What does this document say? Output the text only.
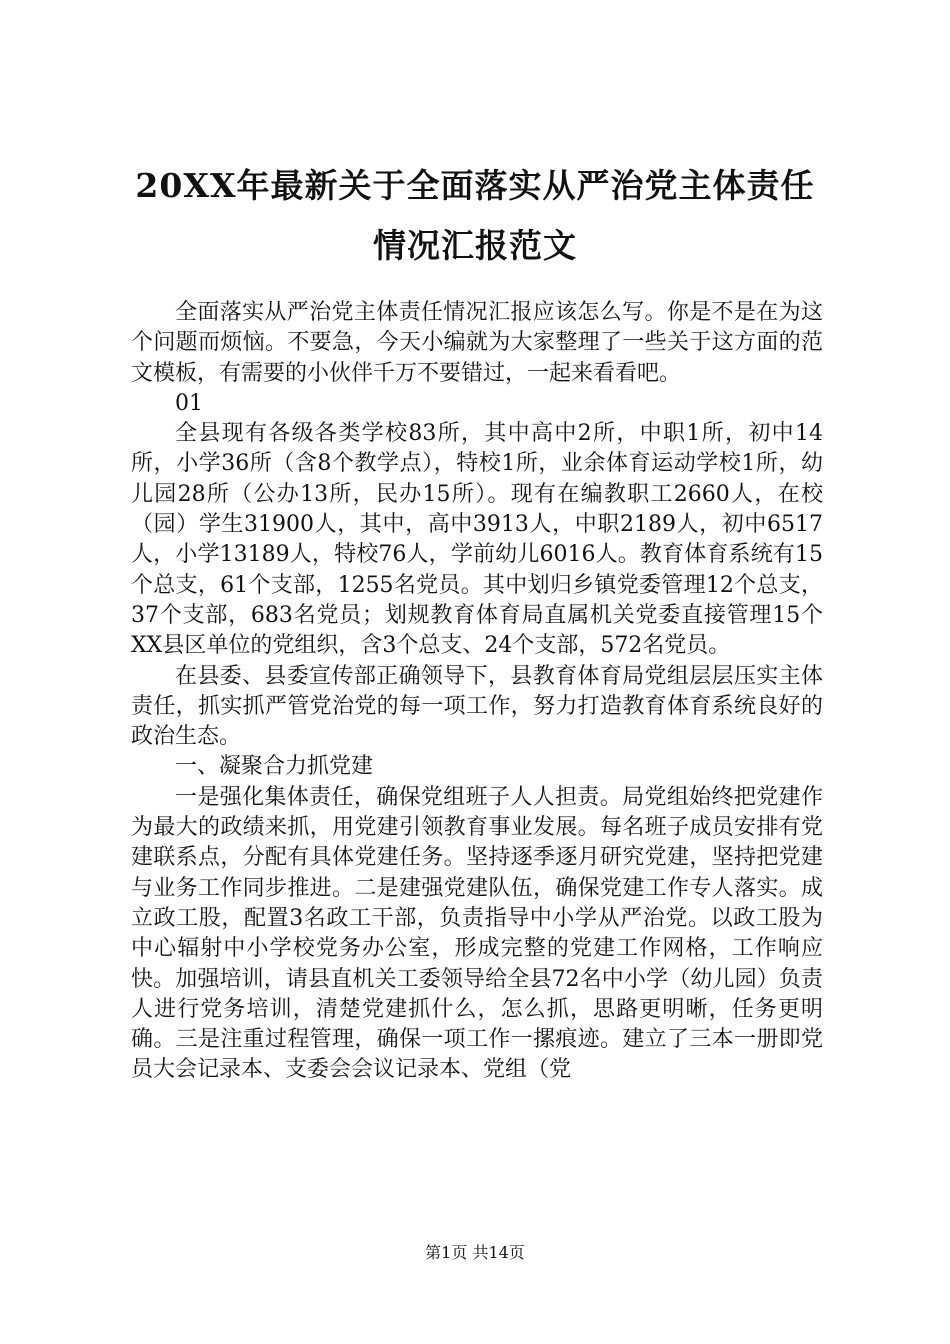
20XX年最新关于全面落实从严治党主体责任
情况汇报范文

全面落实从严治党主体责任情况汇报应该怎么写。你是不是在为这个问题而烦恼。不要急，今天小编就为大家整理了一些关于这方面的范文模板，有需要的小伙伴千万不要错过，一起来看看吧。

01

全县现有各级各类学校83所，其中高中2所，中职1所，初中14所，小学36所（含8个教学点），特校1所，业余体育运动学校1所，幼儿园28所（公办13所，民办15所）。现有在编教职工2660人，在校（园）学生31900人，其中，高中3913人，中职2189人，初中6517人，小学13189人，特校76人，学前幼儿6016人。教育体育系统有15个总支，61个支部，1255名党员。其中划归乡镇党委管理12个总支，37个支部，683名党员；划规教育体育局直属机关党委直接管理15个XX县区单位的党组织，含3个总支、24个支部，572名党员。

在县委、县委宣传部正确领导下，县教育体育局党组层层压实主体责任，抓实抓严管党治党的每一项工作，努力打造教育体育系统良好的政治生态。

一、凝聚合力抓党建

一是强化集体责任，确保党组班子人人担责。局党组始终把党建作为最大的政绩来抓，用党建引领教育事业发展。每名班子成员安排有党建联系点，分配有具体党建任务。坚持逐季逐月研究党建，坚持把党建与业务工作同步推进。二是建强党建队伍，确保党建工作专人落实。成立政工股，配置3名政工干部，负责指导中小学从严治党。以政工股为中心辐射中小学校党务办公室，形成完整的党建工作网格，工作响应快。加强培训，请县直机关工委领导给全县72名中小学（幼儿园）负责人进行党务培训，清楚党建抓什么，怎么抓，思路更明晰，任务更明确。三是注重过程管理，确保一项工作一摞痕迹。建立了三本一册即党员大会记录本、支委会会议记录本、党组（党

第1页 共14页
